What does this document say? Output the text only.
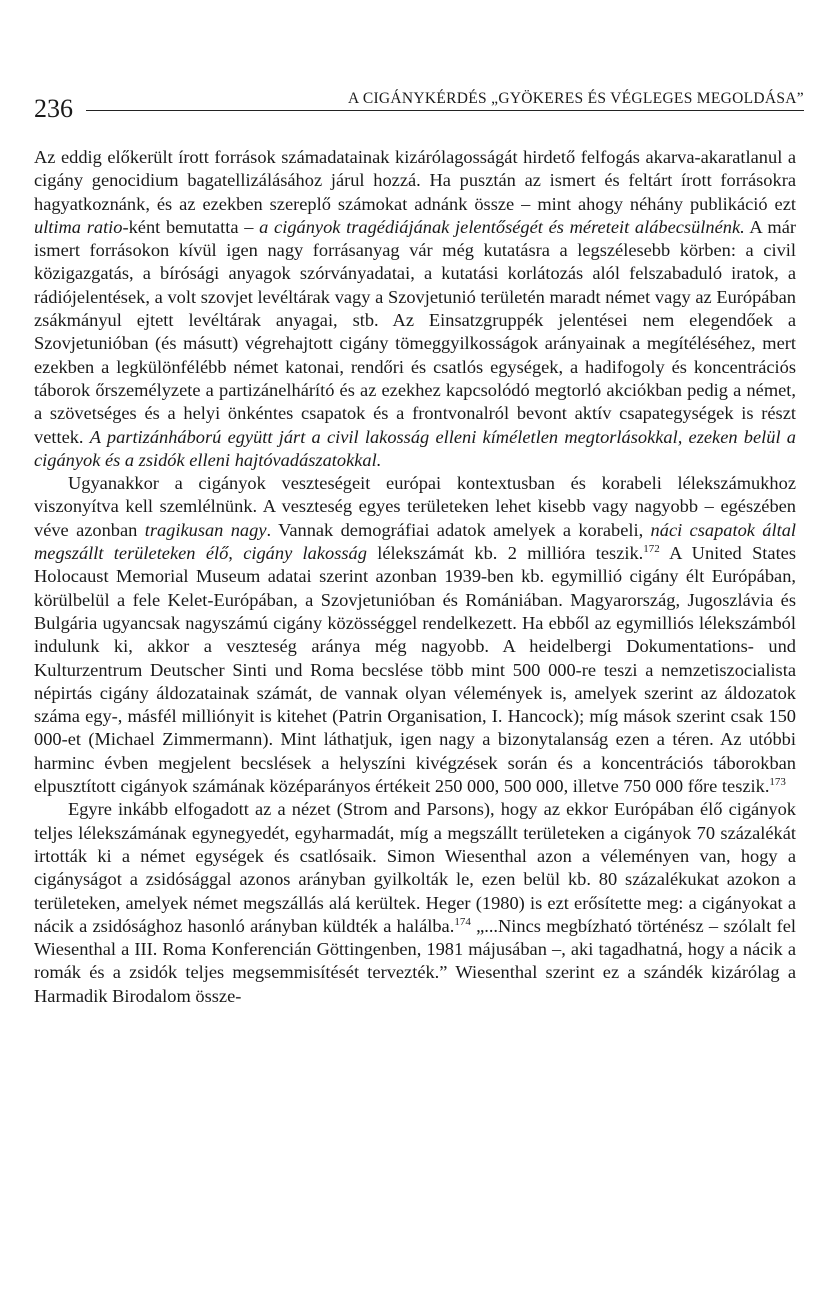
236	A CIGÁNYKÉRDÉS „GYÖKERES ÉS VÉGLEGES MEGOLDÁSA”

Az eddig előkerült írott források számadatainak kizárólagosságát hirdető felfogás akarva-akaratlanul a cigány genocidium bagatellizálásához járul hozzá. Ha pusztán az ismert és feltárt írott forrásokra hagyatkoznánk, és az ezekben szereplő számokat adnánk össze – mint ahogy néhány publikáció ezt ultima ratio-ként bemutatta – a cigányok tragédiájának jelentőségét és méreteit alábecsülnénk. A már ismert forrásokon kívül igen nagy forrásanyag vár még kutatásra a legszélesebb körben: a civil közigazgatás, a bírósági anyagok szórványadatai, a kutatási korlátozás alól felszabaduló iratok, a rádiójelentések, a volt szovjet levéltárak vagy a Szovjetunió területén maradt német vagy az Európában zsákmányul ejtett levéltárak anyagai, stb. Az Einsatzgruppék jelentései nem elegendőek a Szovjetunióban (és másutt) végrehajtott cigány tömeggyilkosságok arányainak a megítéléséhez, mert ezekben a legkülönfélébb német katonai, rendőri és csatlós egységek, a hadifogoly és koncentrációs táborok őrszemélyzete a partizánelhárító és az ezekhez kapcsolódó megtorló akciókban pedig a német, a szövetséges és a helyi önkéntes csapatok és a frontvonalról bevont aktív csapategységek is részt vettek. A partizánháború együtt járt a civil lakosság elleni kíméletlen megtorlásokkal, ezeken belül a cigányok és a zsidók elleni hajtóvadászatokkal.

Ugyanakkor a cigányok veszteségeit európai kontextusban és korabeli lélekszámukhoz viszonyítva kell szemlélnünk. A veszteség egyes területeken lehet kisebb vagy nagyobb – egészében véve azonban tragikusan nagy. Vannak demográfiai adatok amelyek a korabeli, náci csapatok által megszállt területeken élő, cigány lakosság lélekszámát kb. 2 millióra teszik.$^{172}$ A United States Holocaust Memorial Museum adatai szerint azonban 1939-ben kb. egymillió cigány élt Európában, körülbelül a fele Kelet-Európában, a Szovjetunióban és Romániában. Magyarország, Jugoszlávia és Bulgária ugyancsak nagyszámú cigány közösséggel rendelkezett. Ha ebből az egymilliós lélekszámból indulunk ki, akkor a veszteség aránya még nagyobb. A heidelbergi Dokumentations- und Kulturzentrum Deutscher Sinti und Roma becslése több mint 500 000-re teszi a nemzetiszocialista népirtás cigány áldozatainak számát, de vannak olyan vélemények is, amelyek szerint az áldozatok száma egy-, másfél milliónyit is kitehet (Patrin Organisation, I. Hancock); míg mások szerint csak 150 000-et (Michael Zimmermann). Mint láthatjuk, igen nagy a bizonytalanság ezen a téren. Az utóbbi harminc évben megjelent becslések a helyszíni kivégzések során és a koncentrációs táborokban elpusztított cigányok számának középarányos értékeit 250 000, 500 000, illetve 750 000 főre teszik.$^{173}$

Egyre inkább elfogadott az a nézet (Strom and Parsons), hogy az ekkor Európában élő cigányok teljes lélekszámának egynegyedét, egyharmadát, míg a megszállt területeken a cigányok 70 százalékát irtották ki a német egységek és csatlósaik. Simon Wiesenthal azon a véleményen van, hogy a cigányságot a zsidósággal azonos arányban gyilkolták le, ezen belül kb. 80 százalékukat azokon a területeken, amelyek német megszállás alá kerültek. Heger (1980) is ezt erősítette meg: a cigányokat a nácik a zsidósághoz hasonló arányban küldték a halálba.$^{174}$ „...Nincs megbízható történész – szólalt fel Wiesenthal a III. Roma Konferencián Göttingenben, 1981 májusában –, aki tagadhatná, hogy a nácik a romák és a zsidók teljes megsemmisítését tervezték.” Wiesenthal szerint ez a szándék kizárólag a Harmadik Birodalom össze-
